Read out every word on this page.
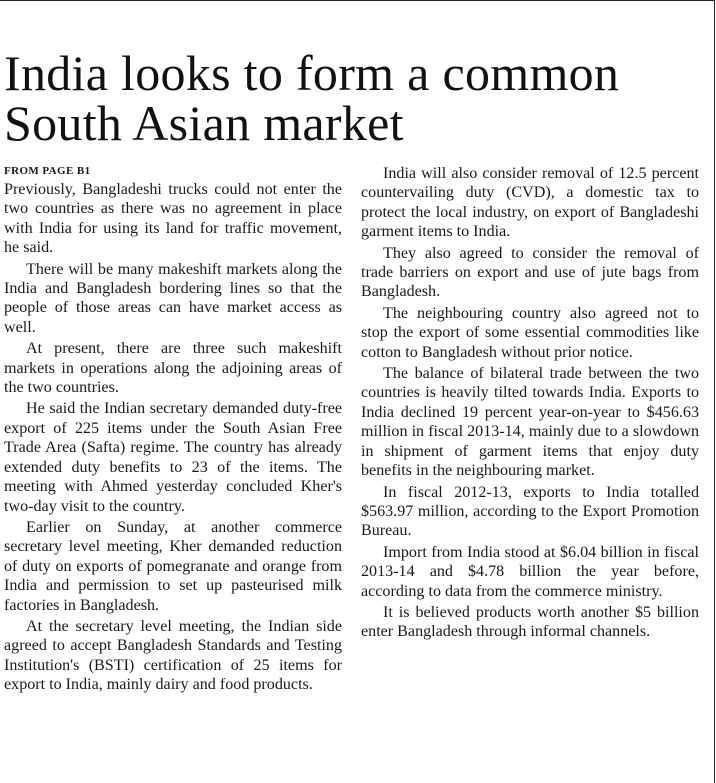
India looks to form a common South Asian market
FROM PAGE B1

Previously, Bangladeshi trucks could not enter the two countries as there was no agreement in place with India for using its land for traffic movement, he said.

There will be many makeshift markets along the India and Bangladesh bordering lines so that the people of those areas can have market access as well.

At present, there are three such makeshift markets in operations along the adjoining areas of the two countries.

He said the Indian secretary demanded duty-free export of 225 items under the South Asian Free Trade Area (Safta) regime. The country has already extended duty benefits to 23 of the items. The meeting with Ahmed yesterday concluded Kher's two-day visit to the country.

Earlier on Sunday, at another commerce secretary level meeting, Kher demanded reduction of duty on exports of pomegranate and orange from India and permission to set up pasteurised milk factories in Bangladesh.

At the secretary level meeting, the Indian side agreed to accept Bangladesh Standards and Testing Institution's (BSTI) certification of 25 items for export to India, mainly dairy and food products.

India will also consider removal of 12.5 percent countervailing duty (CVD), a domestic tax to protect the local industry, on export of Bangladeshi garment items to India.

They also agreed to consider the removal of trade barriers on export and use of jute bags from Bangladesh.

The neighbouring country also agreed not to stop the export of some essential commodities like cotton to Bangladesh without prior notice.

The balance of bilateral trade between the two countries is heavily tilted towards India. Exports to India declined 19 percent year-on-year to $456.63 million in fiscal 2013-14, mainly due to a slowdown in shipment of garment items that enjoy duty benefits in the neighbouring market.

In fiscal 2012-13, exports to India totalled $563.97 million, according to the Export Promotion Bureau.

Import from India stood at $6.04 billion in fiscal 2013-14 and $4.78 billion the year before, according to data from the commerce ministry.

It is believed products worth another $5 billion enter Bangladesh through informal channels.
